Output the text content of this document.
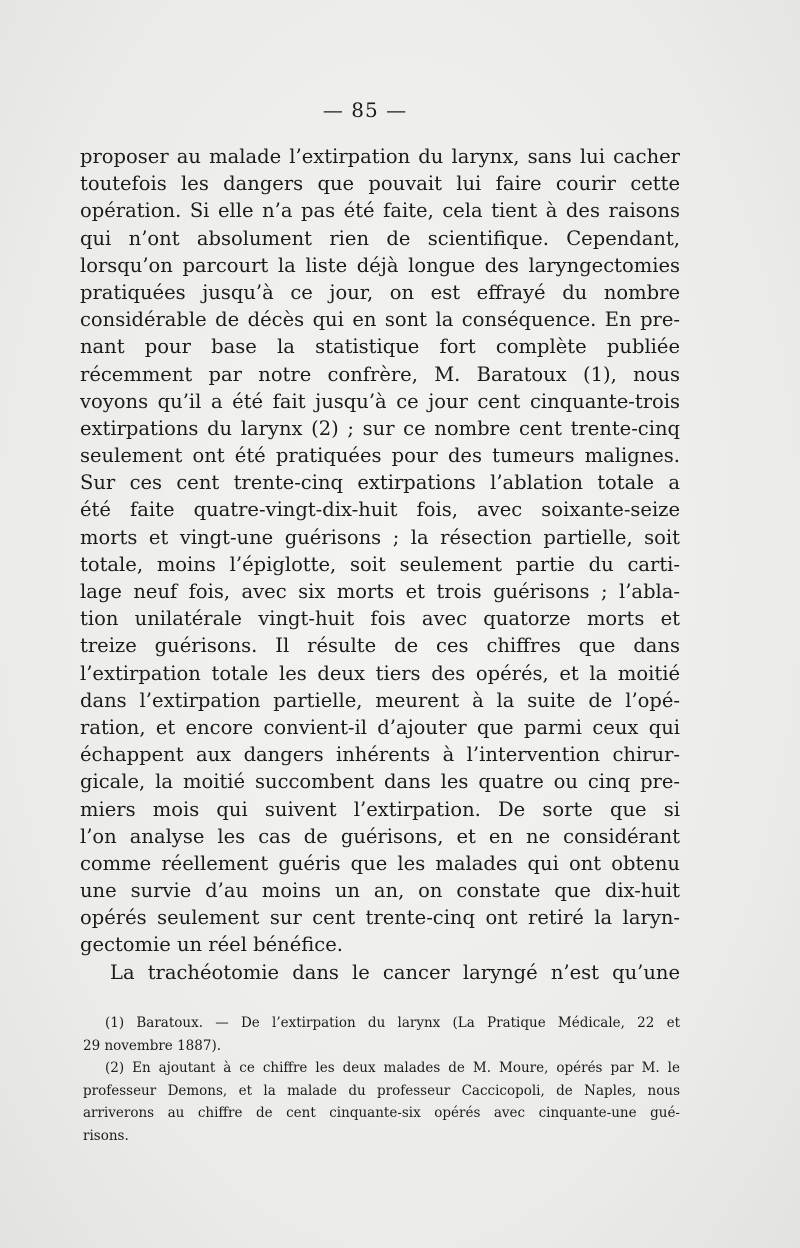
— 85 —
proposer au malade l’extirpation du larynx, sans lui cacher
toutefois les dangers que pouvait lui faire courir cette
opération. Si elle n’a pas été faite, cela tient à des raisons
qui n’ont absolument rien de scientifique. Cependant,
lorsqu’on parcourt la liste déjà longue des laryngectomies
pratiquées jusqu’à ce jour, on est effrayé du nombre
considérable de décès qui en sont la conséquence. En pre-
nant pour base la statistique fort complète publiée
récemment par notre confrère, M. Baratoux (1), nous
voyons qu’il a été fait jusqu’à ce jour cent cinquante-trois
extirpations du larynx (2) ; sur ce nombre cent trente-cinq
seulement ont été pratiquées pour des tumeurs malignes.
Sur ces cent trente-cinq extirpations l’ablation totale a
été faite quatre-vingt-dix-huit fois, avec soixante-seize
morts et vingt-une guérisons ; la résection partielle, soit
totale, moins l’épiglotte, soit seulement partie du carti-
lage neuf fois, avec six morts et trois guérisons ; l’abla-
tion unilatérale vingt-huit fois avec quatorze morts et
treize guérisons. Il résulte de ces chiffres que dans
l’extirpation totale les deux tiers des opérés, et la moitié
dans l’extirpation partielle, meurent à la suite de l’opé-
ration, et encore convient-il d’ajouter que parmi ceux qui
échappent aux dangers inhérents à l’intervention chirur-
gicale, la moitié succombent dans les quatre ou cinq pre-
miers mois qui suivent l’extirpation. De sorte que si
l’on analyse les cas de guérisons, et en ne considérant
comme réellement guéris que les malades qui ont obtenu
une survie d’au moins un an, on constate que dix-huit
opérés seulement sur cent trente-cinq ont retiré la laryn-
gectomie un réel bénéfice.
La trachéotomie dans le cancer laryngé n’est qu’une
(1) Baratoux. — De l’extirpation du larynx (La Pratique Médicale, 22 et
29 novembre 1887).
(2) En ajoutant à ce chiffre les deux malades de M. Moure, opérés par M. le
professeur Demons, et la malade du professeur Caccicopoli, de Naples, nous
arriverons au chiffre de cent cinquante-six opérés avec cinquante-une gué-
risons.
